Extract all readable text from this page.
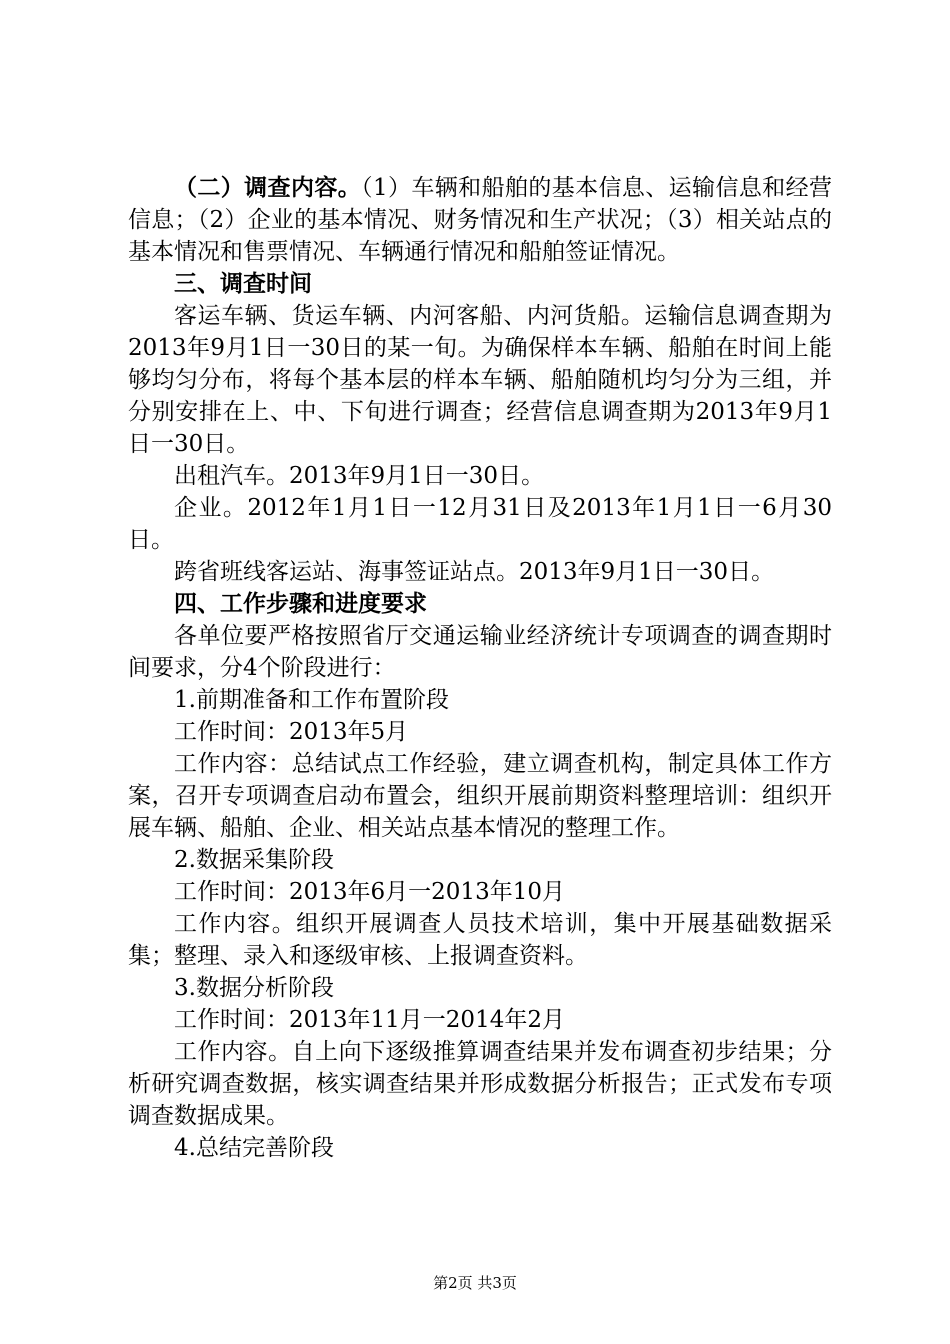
（二）调查内容。（1）车辆和船舶的基本信息、运输信息和经营信息；（2）企业的基本情况、财务情况和生产状况；（3）相关站点的基本情况和售票情况、车辆通行情况和船舶签证情况。

三、调查时间

客运车辆、货运车辆、内河客船、内河货船。运输信息调查期为2013年9月1日一30日的某一旬。为确保样本车辆、船舶在时间上能够均匀分布，将每个基本层的样本车辆、船舶随机均匀分为三组，并分别安排在上、中、下旬进行调查；经营信息调查期为2013年9月1日一30日。

出租汽车。2013年9月1日一30日。

企业。2012年1月1日一12月31日及2013年1月1日一6月30日。

跨省班线客运站、海事签证站点。2013年9月1日一30日。

四、工作步骤和进度要求

各单位要严格按照省厅交通运输业经济统计专项调查的调查期时间要求，分4个阶段进行：

1.前期准备和工作布置阶段

工作时间：2013年5月

工作内容：总结试点工作经验，建立调查机构，制定具体工作方案，召开专项调查启动布置会，组织开展前期资料整理培训：组织开展车辆、船舶、企业、相关站点基本情况的整理工作。

2.数据采集阶段

工作时间：2013年6月一2013年10月

工作内容。组织开展调查人员技术培训，集中开展基础数据采集；整理、录入和逐级审核、上报调查资料。

3.数据分析阶段

工作时间：2013年11月一2014年2月

工作内容。自上向下逐级推算调查结果并发布调查初步结果；分析研究调查数据，核实调查结果并形成数据分析报告；正式发布专项调查数据成果。

4.总结完善阶段

第2页 共3页
